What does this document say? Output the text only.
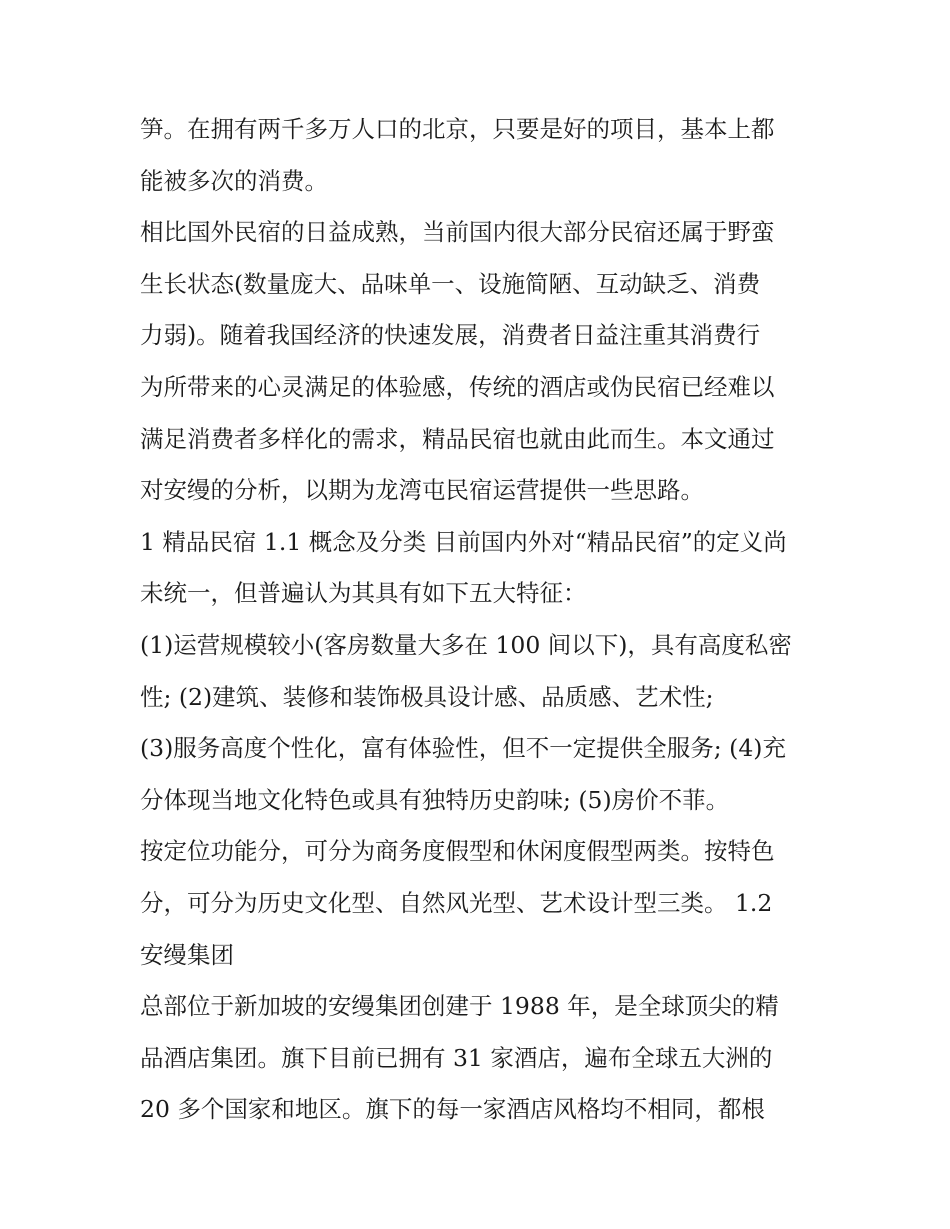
笋。在拥有两千多万人口的北京，只要是好的项目，基本上都
能被多次的消费。
相比国外民宿的日益成熟，当前国内很大部分民宿还属于野蛮
生长状态(数量庞大、品味单一、设施简陋、互动缺乏、消费
力弱)。随着我国经济的快速发展，消费者日益注重其消费行
为所带来的心灵满足的体验感，传统的酒店或伪民宿已经难以
满足消费者多样化的需求，精品民宿也就由此而生。本文通过
对安缦的分析，以期为龙湾屯民宿运营提供一些思路。
1 精品民宿 1.1 概念及分类 目前国内外对“精品民宿”的定义尚
未统一，但普遍认为其具有如下五大特征：
(1)运营规模较小(客房数量大多在 100 间以下)，具有高度私密
性; (2)建筑、装修和装饰极具设计感、品质感、艺术性;
(3)服务高度个性化，富有体验性，但不一定提供全服务; (4)充
分体现当地文化特色或具有独特历史韵味; (5)房价不菲。
按定位功能分，可分为商务度假型和休闲度假型两类。按特色
分，可分为历史文化型、自然风光型、艺术设计型三类。 1.2
安缦集团
总部位于新加坡的安缦集团创建于 1988 年，是全球顶尖的精
品酒店集团。旗下目前已拥有 31 家酒店，遍布全球五大洲的
20 多个国家和地区。旗下的每一家酒店风格均不相同，都根
